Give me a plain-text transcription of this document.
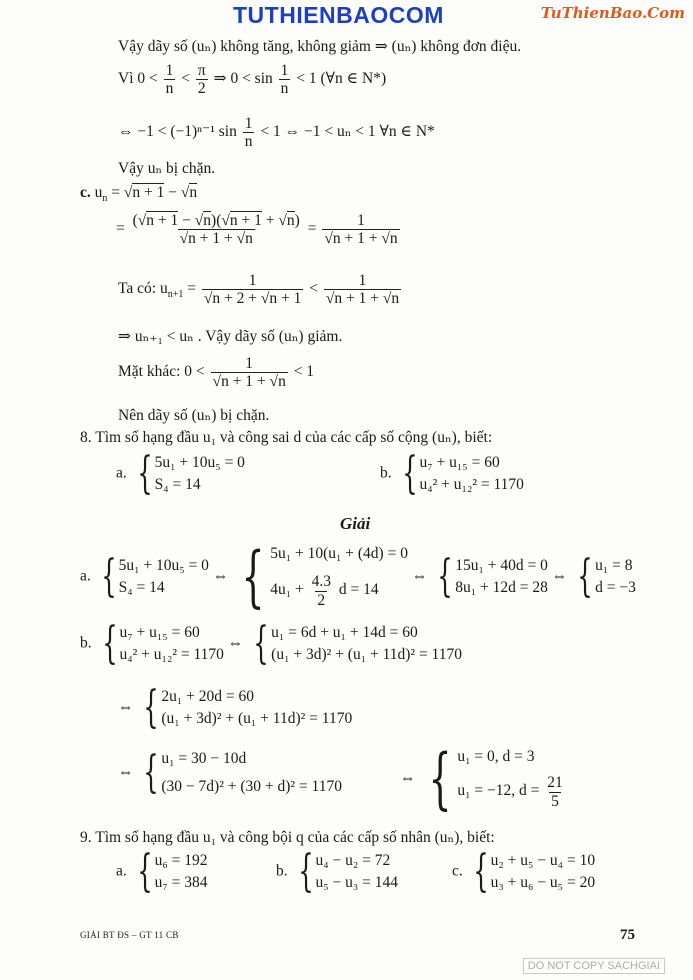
TUTHIENBAOCOM	TuThienBao.Com
Vậy dãy số (uₙ) không tăng, không giảm ⇒ (uₙ) không đơn điệu.
Vì $0 < \frac{1}{n} < \frac{\pi}{2}$ ⇒ $0 < \sin \frac{1}{n} < 1$ (∀n ∈ N*)
⇔ −1 < (−1)ⁿ⁻¹ $\sin \frac{1}{n} < 1$ ⇔ −1 < uₙ < 1 ∀n ∈ N*
Vậy uₙ bị chặn.
c. $u_n = √n + 1 - √n$
= $\frac{(√n + 1 - √n)(√n + 1 + √n)}{√n + 1 + √n} = \frac{1}{√n + 1 + √n}$
Ta có: $u_{n+1} = \frac{1}{√n + 2 + √n + 1} < \frac{1}{√n + 1 + √n}$
⇒ uₙ₊₁ < uₙ . Vậy dãy số (uₙ) giảm.
Mặt khác: $0 < \frac{1}{√n + 1 + √n} < 1$
Nên dãy số (uₙ) bị chặn.
8. Tìm số hạng đầu u₁ và công sai d của các cấp số cộng (uₙ), biết:
a. { 5u₁ + 10u₅ = 0
S₄ = 14
b. { u₇ + u₁₅ = 60
u₄² + u₁₂² = 1170
Giải
a. { 5u₁ + 10u₅ = 0
S₄ = 14
⇔ { 5u₁ + 10(u₁ + (4d) = 0
$4u_1 + \frac{4.3}{2}$ d = 14
⇔ { 15u₁ + 40d = 0
8u₁ + 12d = 28
⇔ { u₁ = 8
d = −3
b. { u₇ + u₁₅ = 60
u₄² + u₁₂² = 1170
⇔ { u₁ = 6d + u₁ + 14d = 60
(u₁ + 3d)² + (u₁ + 11d)² = 1170
⇔ { 2u₁ + 20d = 60
(u₁ + 3d)² + (u₁ + 11d)² = 1170
⇔ { u₁ = 30 − 10d
(30 − 7d)² + (30 + d)² = 1170	⇔ { u₁ = 0, d = 3
u₁ = −12, $d = \frac{21}{5}$
9. Tìm số hạng đầu u₁ và công bội q của các cấp số nhân (uₙ), biết:
a. { u₆ = 192
u₇ = 384
b. { u₄ − u₂ = 72
u₅ − u₃ = 144
c. { u₂ + u₅ − u₄ = 10
u₃ + u₆ − u₅ = 20
GIẢI BT ĐS – GT 11 CB	75
DO NOT COPY SACHGIAI
